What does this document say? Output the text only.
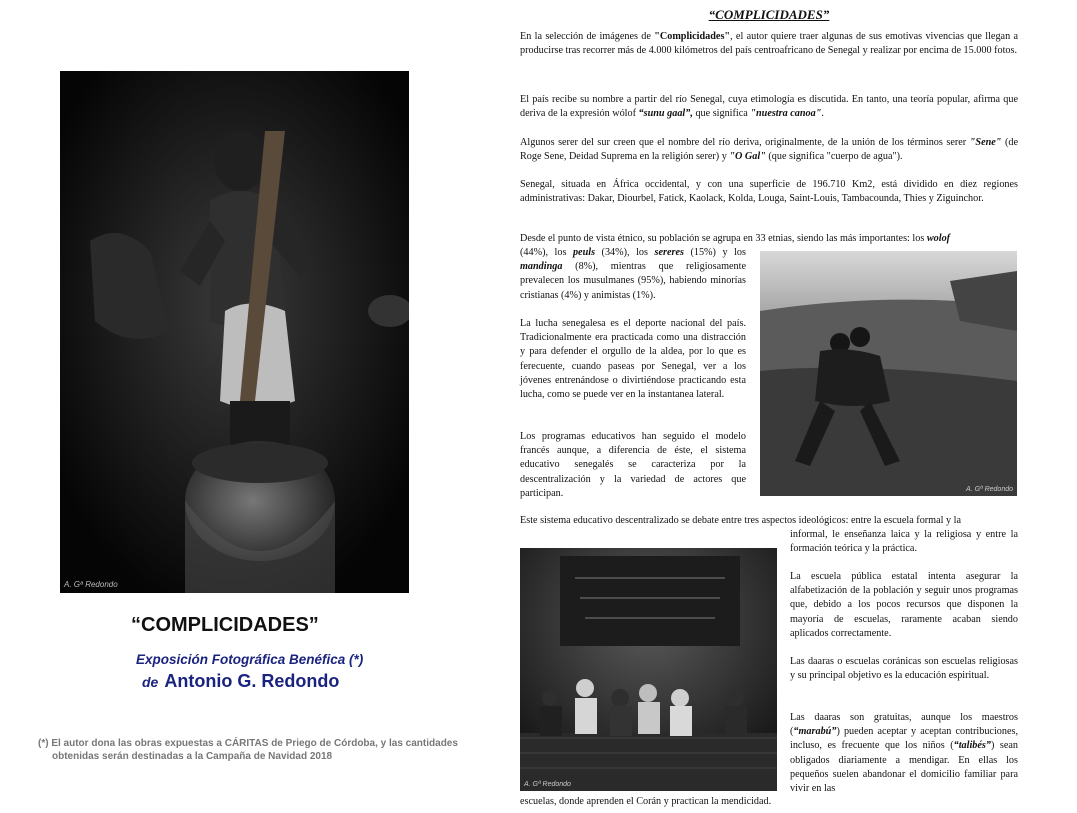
A. Gª Redondo
“COMPLICIDADES”
Exposición Fotográfica Benéfica (*)
de Antonio G. Redondo
(*) El autor dona las obras expuestas a CÁRITAS de Priego de Córdoba, y las cantidades
obtenidas serán destinadas a la Campaña de Navidad 2018
“COMPLICIDADES”

En la selección de imágenes de "Complicidades", el autor quiere traer algunas de sus emotivas vivencias que llegan a producirse tras recorrer más de 4.000 kilómetros del país centroafricano de Senegal y realizar por encima de 15.000 fotos.

El país recibe su nombre a partir del río Senegal, cuya etimología es discutida. En tanto, una teoría popular, afirma que deriva de la expresión wólof “sunu gaal”, que significa "nuestra canoa".

Algunos serer del sur creen que el nombre del río deriva, originalmente, de la unión de los términos serer "Sene" (de Roge Sene, Deidad Suprema en la religión serer) y "O Gal" (que significa "cuerpo de agua").

Senegal, situada en África occidental, y con una superficie de 196.710 Km2, está dividido en diez regiones administrativas: Dakar, Diourbel, Fatick, Kaolack, Kolda, Louga, Saint-Louis, Tambacounda, Thies y Ziguinchor.

Desde el punto de vista étnico, su población se agrupa en 33 etnias, siendo las más importantes: los wolof

(44%), los peuls (34%), los sereres (15%) y los mandinga (8%), mientras que religiosamente prevalecen los musulmanes (95%), habiendo minorías cristianas (4%) y animistas (1%).

La lucha senegalesa es el deporte nacional del país. Tradicionalmente era practicada como una distracción y para defender el orgullo de la aldea, por lo que es ferecuente, cuando paseas por Senegal, ver a los jóvenes entrenándose o divirtiéndose practicando esta lucha, como se puede ver en la instantanea lateral.

Los programas educativos han seguido el modelo francés aunque, a diferencia de éste, el sistema educativo senegalés se caracteriza por la descentralización y la variedad de actores que participan.

Este sistema educativo descentralizado se debate entre tres aspectos ideológicos: entre la escuela formal y la

informal, le enseñanza laica y la religiosa y entre la formación teórica y la práctica.

La escuela pública estatal intenta asegurar la alfabetización de la población y seguir unos programas que, debido a los pocos recursos que disponen la mayoría de escuelas, raramente acaban siendo aplicados correctamente.

Las daaras o escuelas coránicas son escuelas religiosas y su principal objetivo es la educación espiritual.

Las daaras son gratuitas, aunque los maestros (“marabú”) pueden aceptar y aceptan contribuciones, incluso, es frecuente que los niños (“talibés”) sean obligados diariamente a mendigar. En ellas los pequeños suelen abandonar el domicilio familiar para vivir en las

escuelas, donde aprenden el Corán y practican la mendicidad.

A. Gª Redondo
A. Gª Redondo
